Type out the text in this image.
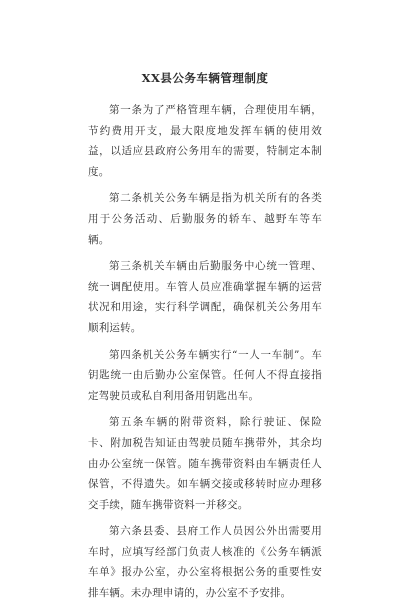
XX县公务车辆管理制度

第一条为了严格管理车辆，合理使用车辆，节约费用开支，最大限度地发挥车辆的使用效益，以适应县政府公务用车的需要，特制定本制度。

第二条机关公务车辆是指为机关所有的各类用于公务活动、后勤服务的轿车、越野车等车辆。

第三条机关车辆由后勤服务中心统一管理、统一调配使用。车管人员应准确掌握车辆的运营状况和用途，实行科学调配，确保机关公务用车顺利运转。

第四条机关公务车辆实行“一人一车制”。车钥匙统一由后勤办公室保管。任何人不得直接指定驾驶员或私自利用备用钥匙出车。

第五条车辆的附带资料，除行驶证、保险卡、附加税告知证由驾驶员随车携带外，其余均由办公室统一保管。随车携带资料由车辆责任人保管，不得遗失。如车辆交接或移转时应办理移交手续，随车携带资料一并移交。

第六条县委、县府工作人员因公外出需要用车时，应填写经部门负责人核准的《公务车辆派车单》报办公室，办公室将根据公务的重要性安排车辆。未办理申请的，办公室不予安排。
